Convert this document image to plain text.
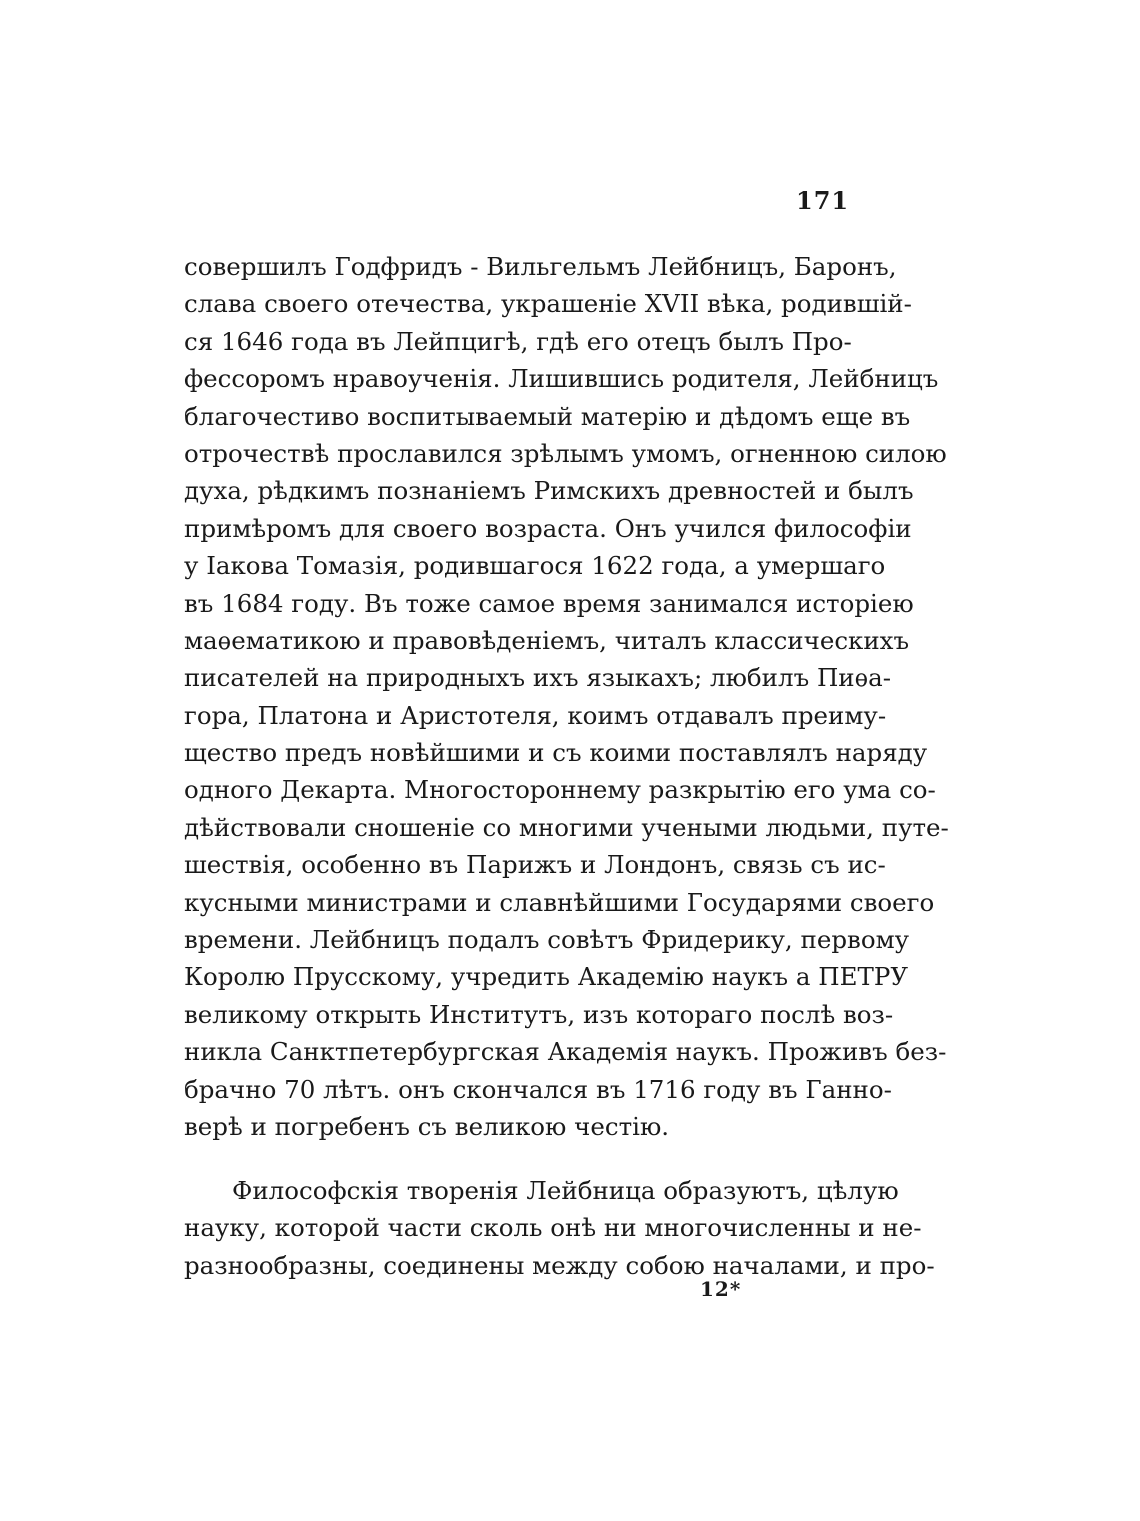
171
совершилъ Годфридъ - Вильгельмъ Лейбницъ, Баронъ,
слава своего отечества, украшеніе XVII вѣка, родившій-
ся 1646 года въ Лейпцигѣ, гдѣ его отецъ былъ Про-
фессоромъ нравоученія. Лишившись родителя, Лейбницъ
благочестиво воспитываемый матерію и дѣдомъ еще въ
отрочествѣ прославился зрѣлымъ умомъ, огненною силою
духа, рѣдкимъ познаніемъ Римскихъ древностей и былъ
примѣромъ для своего возраста. Онъ учился философіи
у Іакова Томазія, родившагося 1622 года, а умершаго
въ 1684 году. Въ тоже самое время занимался исторіею
маѳематикою и правовѣденіемъ, читалъ классическихъ
писателей на природныхъ ихъ языкахъ; любилъ Пиѳа-
гора, Платона и Аристотеля, коимъ отдавалъ преиму-
щество предъ новѣйшими и съ коими поставлялъ наряду
одного Декарта. Многостороннему разкрытію его ума со-
дѣйствовали сношеніе со многими учеными людьми, путе-
шествія, особенно въ Парижъ и Лондонъ, связь съ ис-
кусными министрами и славнѣйшими Государями своего
времени. Лейбницъ подалъ совѣтъ Фридерику, первому
Королю Прусскому, учредить Академію наукъ а ПЕТРУ
великому открыть Институтъ, изъ котораго послѣ воз-
никла Санктпетербургская Академія наукъ. Проживъ без-
брачно 70 лѣтъ. онъ скончался въ 1716 году въ Ганно-
верѣ и погребенъ съ великою честію.
Философскія творенія Лейбница образуютъ, цѣлую
науку, которой части сколь онѣ ни многочисленны и не-
разнообразны, соединены между собою началами, и про-
12*
